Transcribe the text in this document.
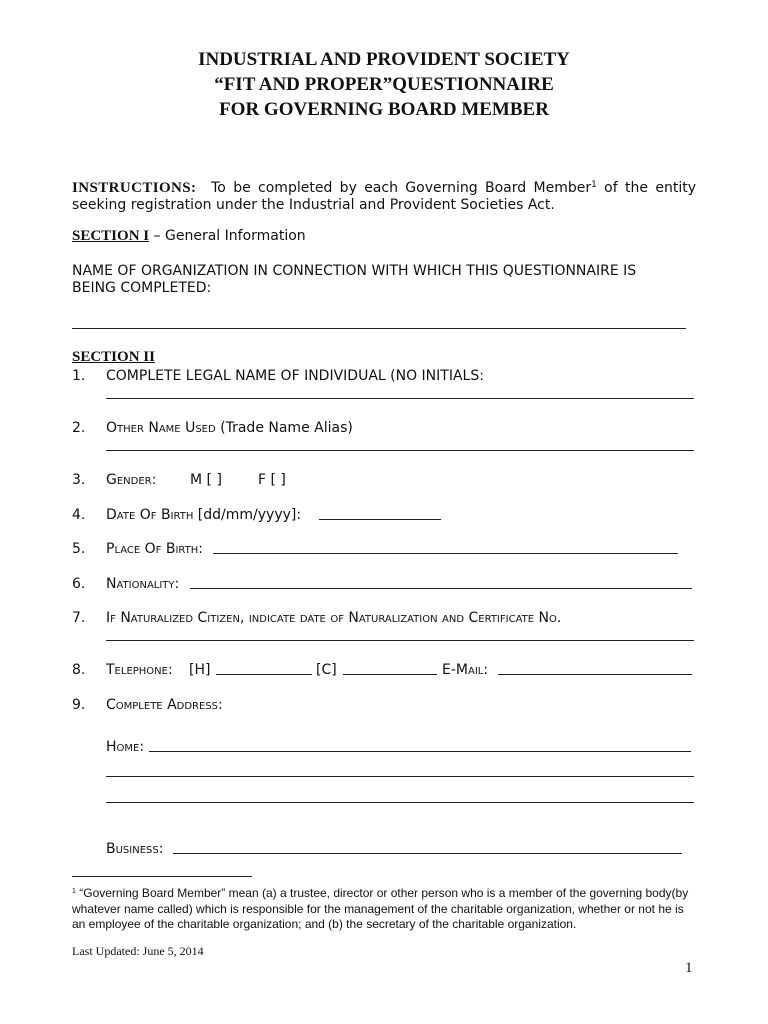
INDUSTRIAL AND PROVIDENT SOCIETY
“FIT AND PROPER”QUESTIONNAIRE
FOR GOVERNING BOARD MEMBER
INSTRUCTIONS: To be completed by each Governing Board Member$^1$ of the entity seeking registration under the Industrial and Provident Societies Act.
SECTION I – General Information
NAME OF ORGANIZATION IN CONNECTION WITH WHICH THIS QUESTIONNAIRE IS BEING COMPLETED:
SECTION II
1. COMPLETE LEGAL NAME OF INDIVIDUAL (NO INITIALS:
2. Other Name Used (Trade Name Alias)
3. Gender: M [ ]	F [ ]
4. Date Of Birth [dd/mm/yyyy]:
5. Place Of Birth:
6. Nationality:
7. If Naturalized Citizen, indicate date of Naturalization and Certificate No.
8. Telephone: [H]	[C]	E-Mail:
9. Complete Address:
Home:
Business:
$^1$ “Governing Board Member” mean (a) a trustee, director or other person who is a member of the governing body(by whatever name called) which is responsible for the management of the charitable organization, whether or not he is an employee of the charitable organization; and (b) the secretary of the charitable organization.
Last Updated: June 5, 2014
1
